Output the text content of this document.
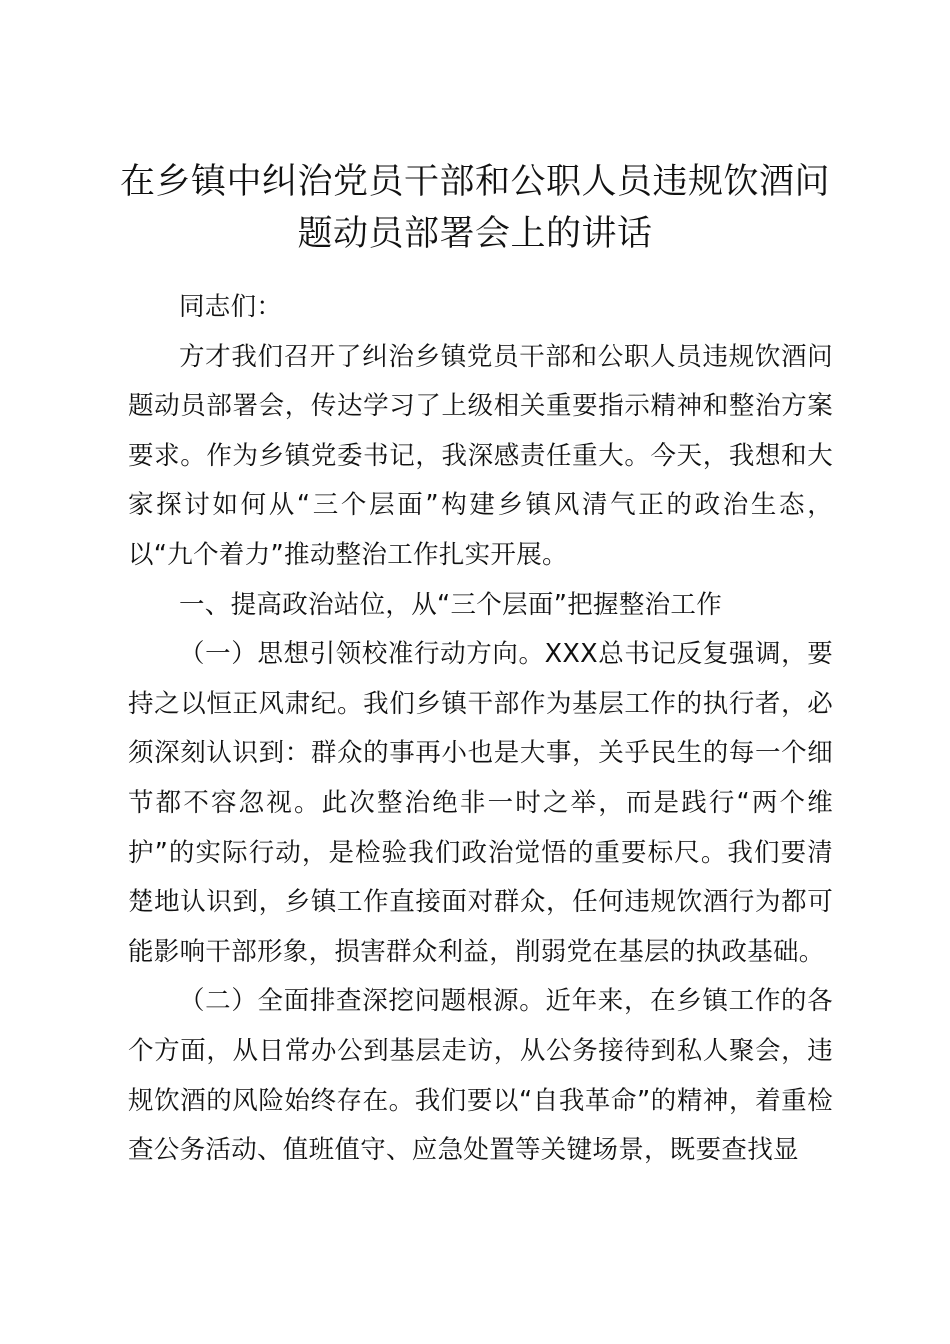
在乡镇中纠治党员干部和公职人员违规饮酒问题动员部署会上的讲话

同志们：

方才我们召开了纠治乡镇党员干部和公职人员违规饮酒问题动员部署会，传达学习了上级相关重要指示精神和整治方案要求。作为乡镇党委书记，我深感责任重大。今天，我想和大家探讨如何从“三个层面”构建乡镇风清气正的政治生态，以“九个着力”推动整治工作扎实开展。

一、提高政治站位，从“三个层面”把握整治工作

（一）思想引领校准行动方向。XXX总书记反复强调，要持之以恒正风肃纪。我们乡镇干部作为基层工作的执行者，必须深刻认识到：群众的事再小也是大事，关乎民生的每一个细节都不容忽视。此次整治绝非一时之举，而是践行“两个维护”的实际行动，是检验我们政治觉悟的重要标尺。我们要清楚地认识到，乡镇工作直接面对群众，任何违规饮酒行为都可能影响干部形象，损害群众利益，削弱党在基层的执政基础。

（二）全面排查深挖问题根源。近年来，在乡镇工作的各个方面，从日常办公到基层走访，从公务接待到私人聚会，违规饮酒的风险始终存在。我们要以“自我革命”的精神，着重检查公务活动、值班值守、应急处置等关键场景，既要查找显
